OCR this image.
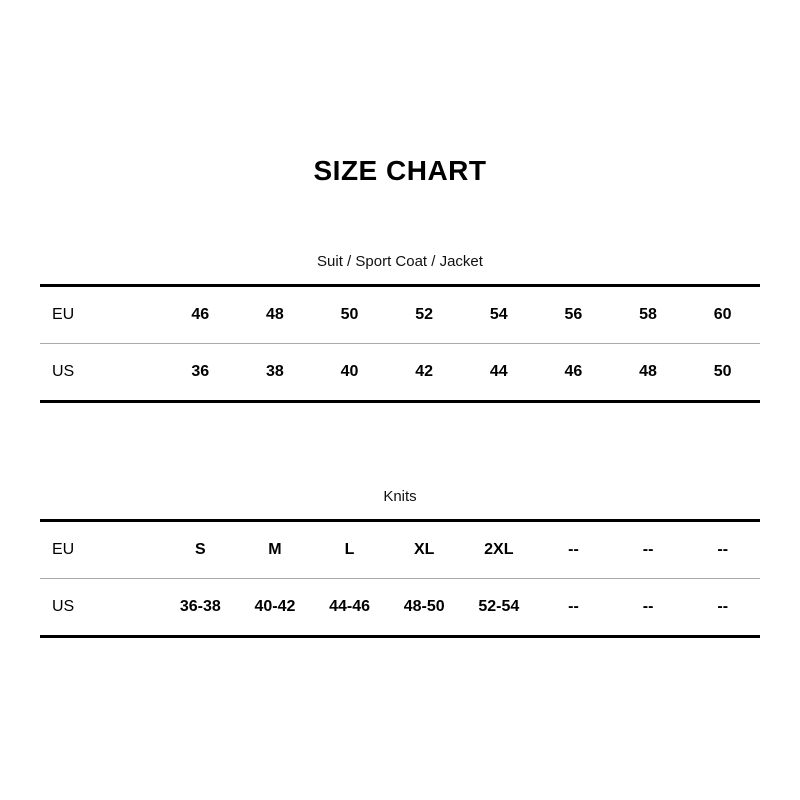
SIZE CHART
Suit / Sport Coat / Jacket
EU	46	48	50	52	54	56	58	60
US	36	38	40	42	44	46	48	50
Knits
EU	S	M	L	XL	2XL	--	--	--
US	36-38	40-42	44-46	48-50	52-54	--	--	--
